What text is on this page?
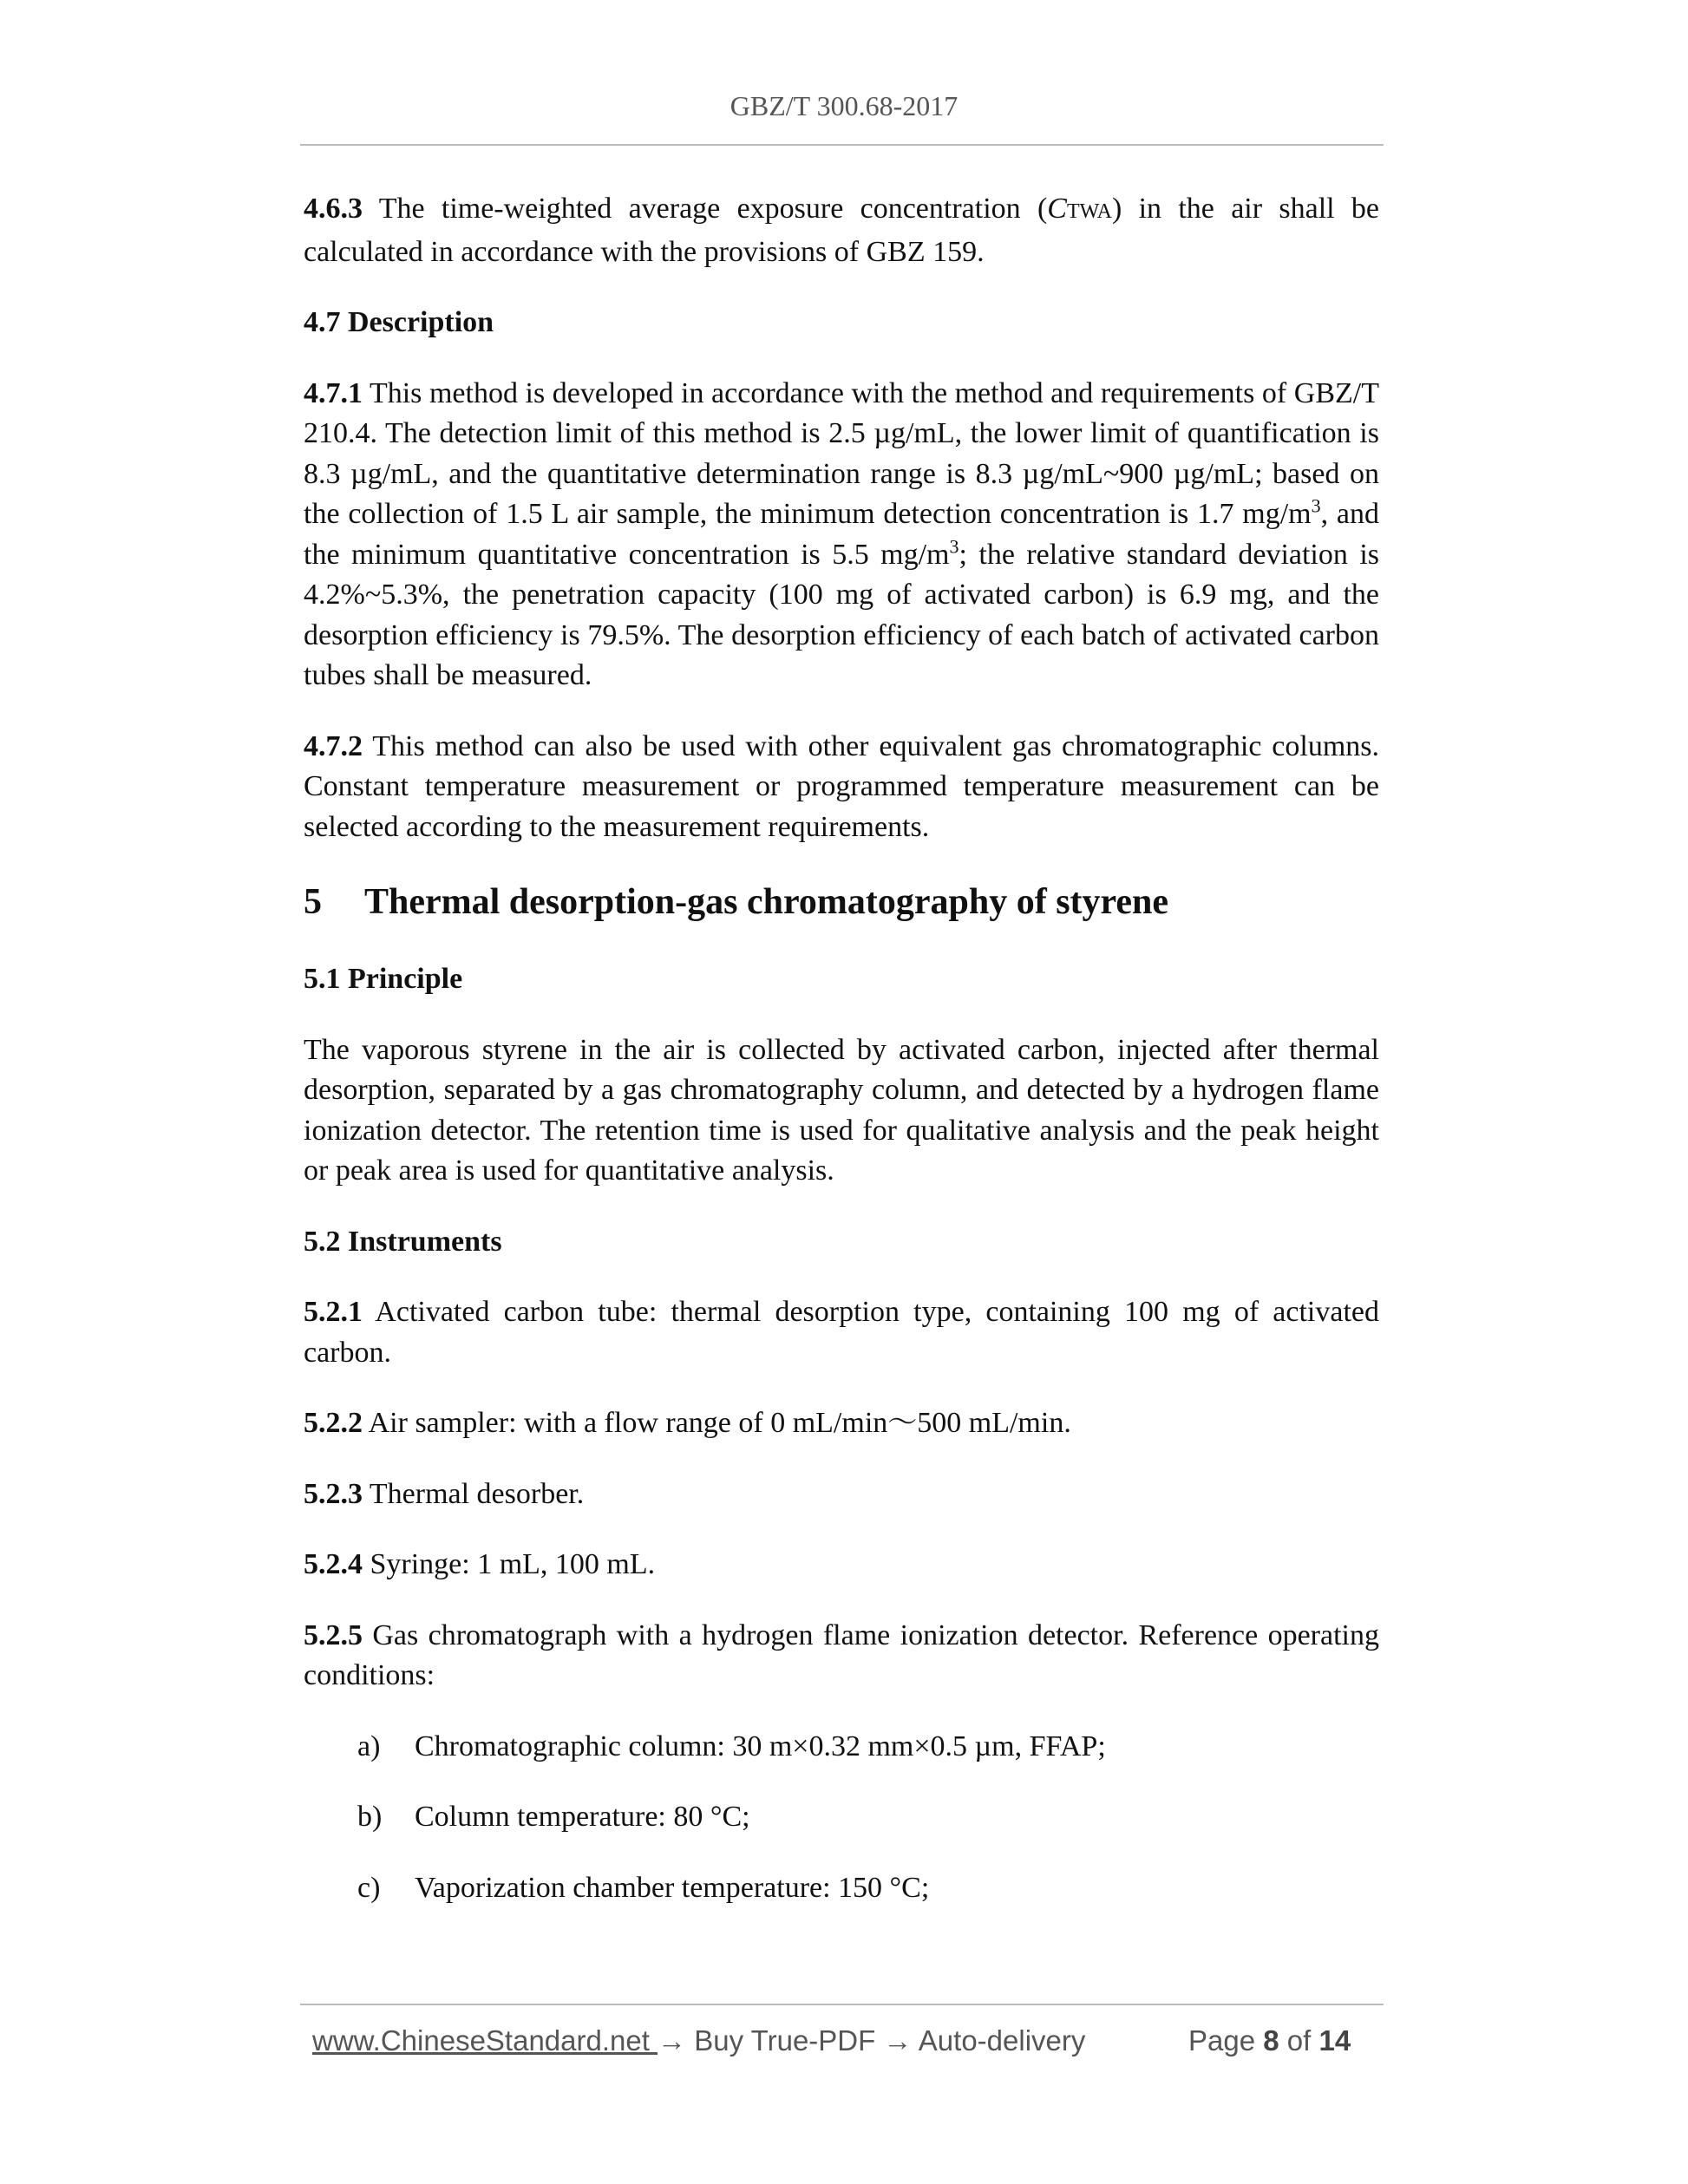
GBZ/T 300.68-2017

4.6.3 The time-weighted average exposure concentration (CTWA) in the air shall be calculated in accordance with the provisions of GBZ 159.

4.7 Description

4.7.1 This method is developed in accordance with the method and requirements of GBZ/T 210.4. The detection limit of this method is 2.5 µg/mL, the lower limit of quantification is 8.3 µg/mL, and the quantitative determination range is 8.3 µg/mL~900 µg/mL; based on the collection of 1.5 L air sample, the minimum detection concentration is 1.7 $mg/m^3$, and the minimum quantitative concentration is 5.5 $mg/m^3$; the relative standard deviation is 4.2%~5.3%, the penetration capacity (100 mg of activated carbon) is 6.9 mg, and the desorption efficiency is 79.5%. The desorption efficiency of each batch of activated carbon tubes shall be measured.

4.7.2 This method can also be used with other equivalent gas chromatographic columns. Constant temperature measurement or programmed temperature measurement can be selected according to the measurement requirements.

5 Thermal desorption-gas chromatography of styrene

5.1 Principle

The vaporous styrene in the air is collected by activated carbon, injected after thermal desorption, separated by a gas chromatography column, and detected by a hydrogen flame ionization detector. The retention time is used for qualitative analysis and the peak height or peak area is used for quantitative analysis.

5.2 Instruments

5.2.1 Activated carbon tube: thermal desorption type, containing 100 mg of activated carbon.

5.2.2 Air sampler: with a flow range of 0 mL/min～500 mL/min.

5.2.3 Thermal desorber.

5.2.4 Syringe: 1 mL, 100 mL.

5.2.5 Gas chromatograph with a hydrogen flame ionization detector. Reference operating conditions:

a)	Chromatographic column: 30 m×0.32 mm×0.5 µm, FFAP;
b)	Column temperature: 80 °C;
c)	Vaporization chamber temperature: 150 °C;
www.ChineseStandard.net → Buy True-PDF → Auto-delivery	Page 8 of 14
